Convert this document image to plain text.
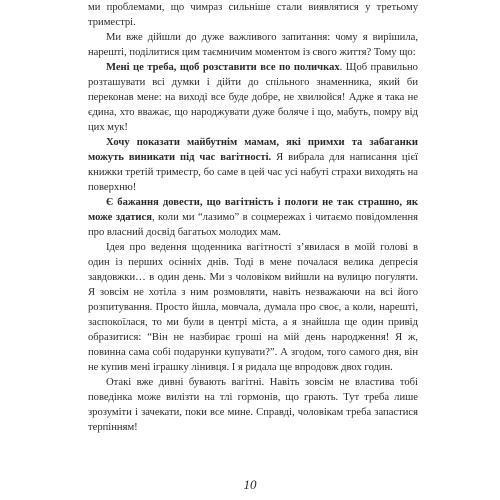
ми проблемами, що чимраз сильніше стали виявлятися у третьому триместрі.

Ми вже дійшли до дуже важливого запитання: чому я вирішила, нарешті, поділитися цим таємничим моментом із свого життя? Тому що:

Мені це треба, щоб розставити все по поличках. Щоб правильно розташувати всі думки і дійти до спільного знаменника, який би переконав мене: на виході все буде добре, не хвилюйся! Адже я така не єдина, хто вважає, що народжувати дуже боляче і що, мабуть, помру від цих мук!

Хочу показати майбутнім мамам, які примхи та забаганки можуть виникати під час вагітності. Я вибрала для написання цієї книжки третій триместр, бо саме в цей час усі набуті страхи виходять на поверхню!

Є бажання довести, що вагітність і пологи не так страшно, як може здатися, коли ми “лазимо” в соцмережах і читаємо повідомлення про власний досвід багатьох молодих мам.

Ідея про ведення щоденника вагітності з’явилася в моїй голові в один із перших осінніх днів. Тоді в мене почалася велика депресія завдовжки… в один день. Ми з чоловіком вийшли на вулицю погуляти. Я зовсім не хотіла з ним розмовляти, навіть незважаючи на всі його розпитування. Просто йшла, мовчала, думала про своє, а коли, нарешті, заспокоїлася, то ми були в центрі міста, а я знайшла ще один привід образитися: “Він не назбирає гроші на мій день народження! Я ж, повинна сама собі подарунки купувати?”. А згодом, того самого дня, він не купив мені іграшку лінивця. І я ридала ще впродовж двох годин.

Отакі вже дивні бувають вагітні. Навіть зовсім не властива тобі поведінка може вилізти на тлі гормонів, що грають. Тут треба лише зрозуміти і зачекати, поки все мине. Справді, чоловікам треба запастися терпінням!

10
